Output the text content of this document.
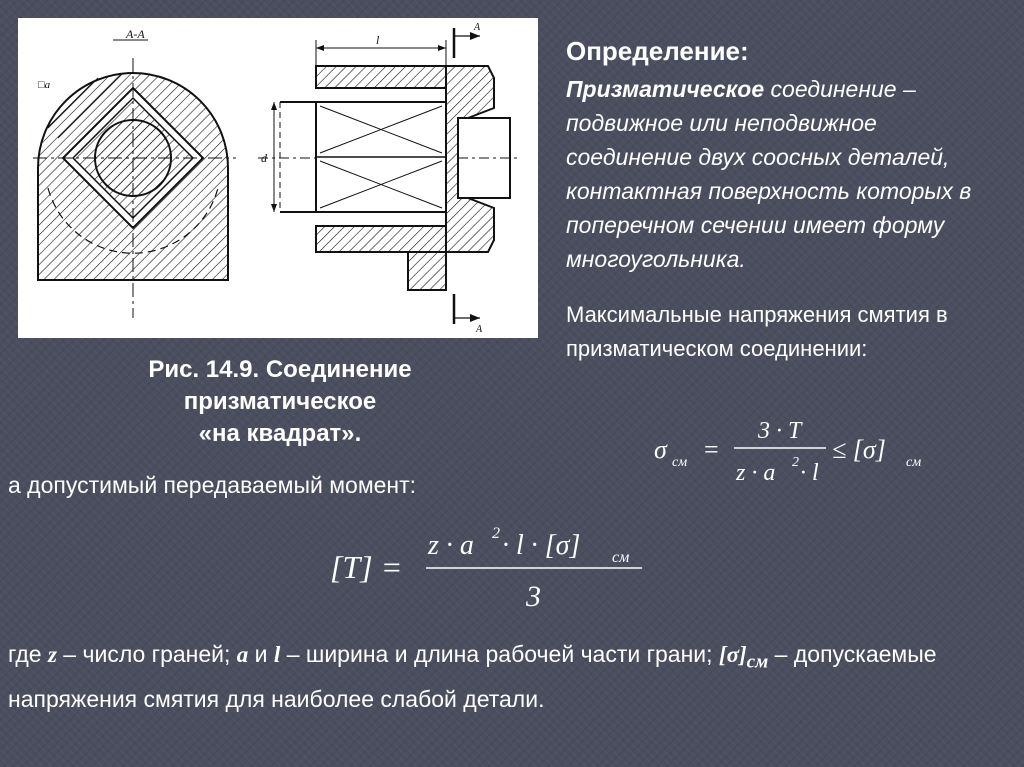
A-A
□a
l
d
A
A
Рис. 14.9. Соединение
призматическое
«на квадрат».
Определение:
Призматическое соединение – подвижное или неподвижное соединение двух соосных деталей, контактная поверхность которых в поперечном сечении имеет форму многоугольника.
Максимальные напряжения смятия в призматическом соединении:
σ см =
3 · T
z · a 2 · l
≤ [σ] см
а допустимый передаваемый момент:
[T] =
z · a 2 · l · [σ] см
3
где z – число граней; a и l – ширина и длина рабочей части грани; $[\sigma]_{см}$ – допускаемые напряжения смятия для наиболее слабой детали.
